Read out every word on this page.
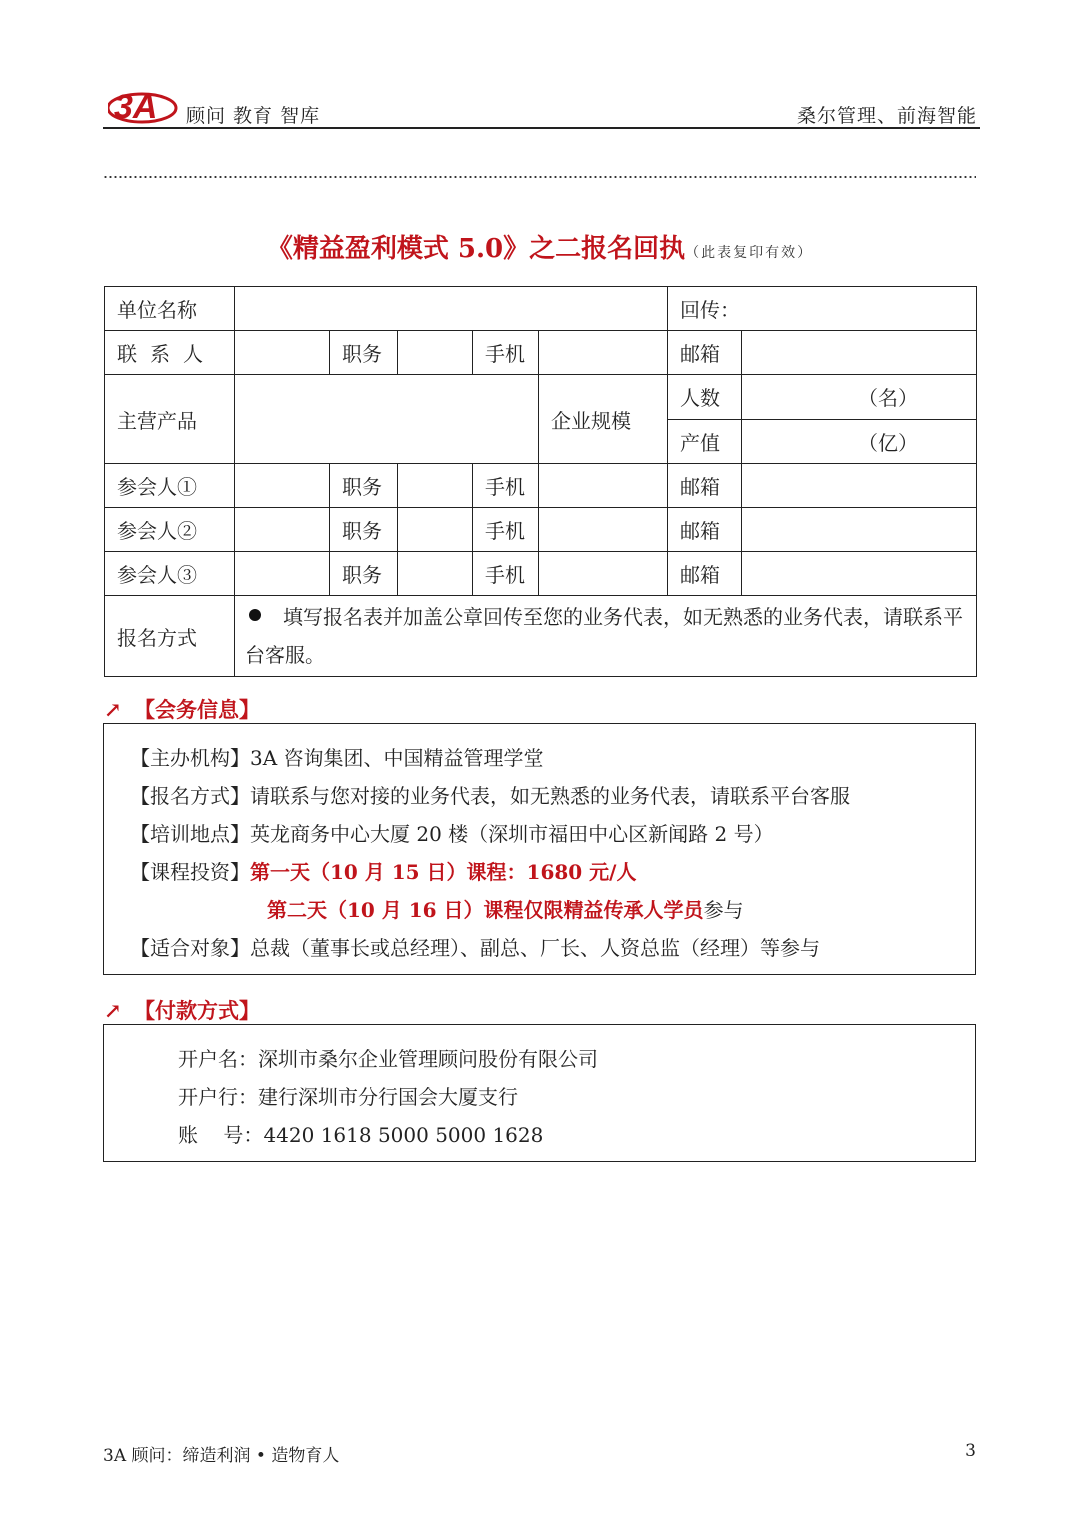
3A 顾问 教育 智库	桑尔管理、前海智能
《精益盈利模式 5.0》之二报名回执（此表复印有效）
单位名称						回传：	
联系人		职务		手机		邮箱	
主营产品					企业规模	人数	（名）
						产值	（亿）
参会人①		职务		手机		邮箱	
参会人②		职务		手机		邮箱	
参会人③		职务		手机		邮箱	
报名方式	填写报名表并加盖公章回传至您的业务代表，如无熟悉的业务代表，请联系平台客服。						
↗ 【会务信息】
【主办机构】3A 咨询集团、中国精益管理学堂
【报名方式】请联系与您对接的业务代表，如无熟悉的业务代表，请联系平台客服
【培训地点】英龙商务中心大厦 20 楼（深圳市福田中心区新闻路 2 号）
【课程投资】第一天（10 月 15 日）课程：1680 元/人
第二天（10 月 16 日）课程仅限精益传承人学员参与
【适合对象】总裁（董事长或总经理）、副总、厂长、人资总监（经理）等参与
↗ 【付款方式】
开户名：深圳市桑尔企业管理顾问股份有限公司
开户行：建行深圳市分行国会大厦支行
账    号：4420 1618 5000 5000 1628
3A 顾问：缔造利润 • 造物育人	3
